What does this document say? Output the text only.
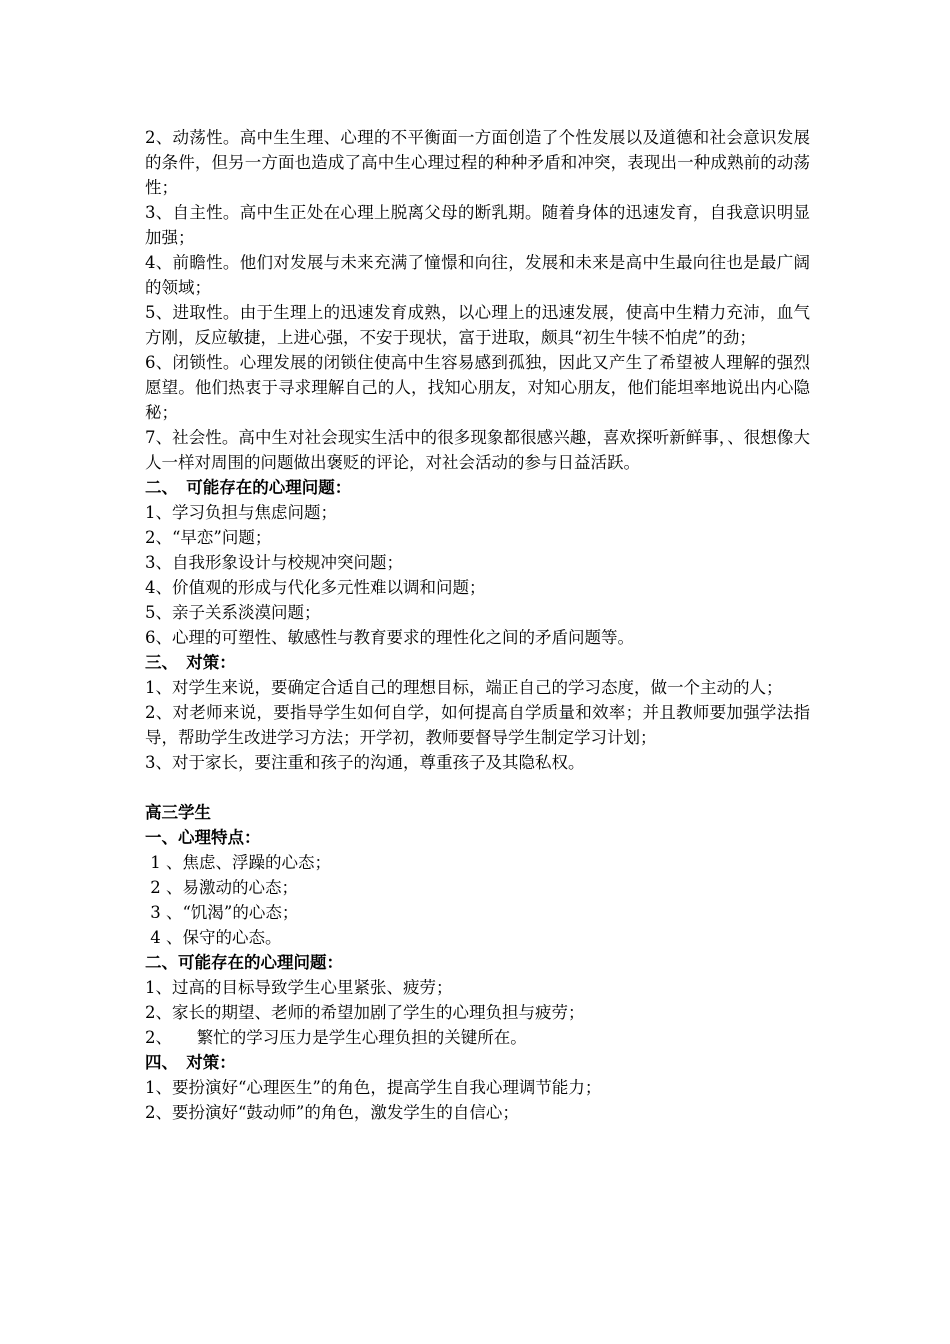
2、动荡性。高中生生理、心理的不平衡面一方面创造了个性发展以及道德和社会意识发展的条件，但另一方面也造成了高中生心理过程的种种矛盾和冲突，表现出一种成熟前的动荡性；

3、自主性。高中生正处在心理上脱离父母的断乳期。随着身体的迅速发育，自我意识明显加强；

4、前瞻性。他们对发展与未来充满了憧憬和向往，发展和未来是高中生最向往也是最广阔的领域；

5、进取性。由于生理上的迅速发育成熟，以心理上的迅速发展，使高中生精力充沛，血气方刚，反应敏捷，上进心强，不安于现状，富于进取，颇具“初生牛犊不怕虎”的劲；

6、闭锁性。心理发展的闭锁住使高中生容易感到孤独，因此又产生了希望被人理解的强烈愿望。他们热衷于寻求理解自己的人，找知心朋友，对知心朋友，他们能坦率地说出内心隐秘；

7、社会性。高中生对社会现实生活中的很多现象都很感兴趣，喜欢探听新鲜事，、很想像大人一样对周围的问题做出褒贬的评论，对社会活动的参与日益活跃。

二、　可能存在的心理问题：

1、学习负担与焦虑问题；

2、“早恋”问题；

3、自我形象设计与校规冲突问题；

4、价值观的形成与代化多元性难以调和问题；

5、亲子关系淡漠问题；

6、心理的可塑性、敏感性与教育要求的理性化之间的矛盾问题等。

三、　对策：

1、对学生来说，要确定合适自己的理想目标，端正自己的学习态度，做一个主动的人；

2、对老师来说，要指导学生如何自学，如何提高自学质量和效率；并且教师要加强学法指导，帮助学生改进学习方法；开学初，教师要督导学生制定学习计划；

3、对于家长，要注重和孩子的沟通，尊重孩子及其隐私权。

高三学生

一、心理特点：

1 、焦虑、浮躁的心态；

2 、易激动的心态；

3 、“饥渴”的心态；

4 、保守的心态。

二、可能存在的心理问题：

1、过高的目标导致学生心里紧张、疲劳；

2、家长的期望、老师的希望加剧了学生的心理负担与疲劳；

2、　　繁忙的学习压力是学生心理负担的关键所在。

四、　对策：

1、要扮演好“心理医生”的角色，提高学生自我心理调节能力；

2、要扮演好“鼓动师”的角色，激发学生的自信心；
